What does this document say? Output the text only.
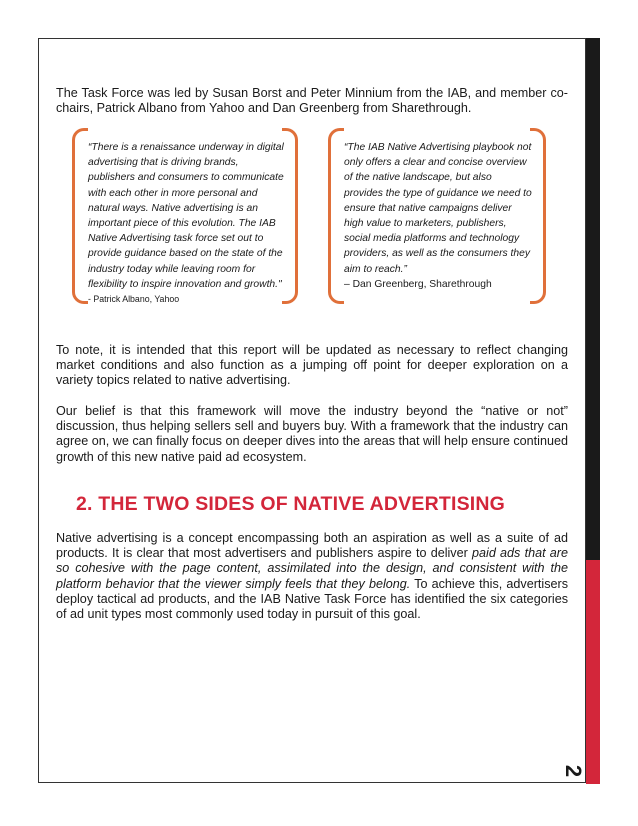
2

The Task Force was led by Susan Borst and Peter Minnium from the IAB, and member co-chairs, Patrick Albano from Yahoo and Dan Greenberg from Sharethrough.

“There is a renaissance underway in digital
advertising that is driving brands,
publishers and consumers to communicate
with each other in more personal and
natural ways. Native advertising is an
important piece of this evolution. The IAB
Native Advertising task force set out to
provide guidance based on the state of the
industry today while leaving room for
flexibility to inspire innovation and growth."
- Patrick Albano, Yahoo
“The IAB Native Advertising playbook not
only offers a clear and concise overview
of the native landscape, but also
provides the type of guidance we need to
ensure that native campaigns deliver
high value to marketers, publishers,
social media platforms and technology
providers, as well as the consumers they
aim to reach.”
– Dan Greenberg, Sharethrough

To note, it is intended that this report will be updated as necessary to reflect changing market conditions and also function as a jumping off point for deeper exploration on a variety topics related to native advertising.

Our belief is that this framework will move the industry beyond the “native or not” discussion, thus helping sellers sell and buyers buy. With a framework that the industry can agree on, we can finally focus on deeper dives into the areas that will help ensure continued growth of this new native paid ad ecosystem.

2. THE TWO SIDES OF NATIVE ADVERTISING

Native advertising is a concept encompassing both an aspiration as well as a suite of ad products. It is clear that most advertisers and publishers aspire to deliver paid ads that are so cohesive with the page content, assimilated into the design, and consistent with the platform behavior that the viewer simply feels that they belong. To achieve this, advertisers deploy tactical ad products, and the IAB Native Task Force has identified the six categories of ad unit types most commonly used today in pursuit of this goal.
